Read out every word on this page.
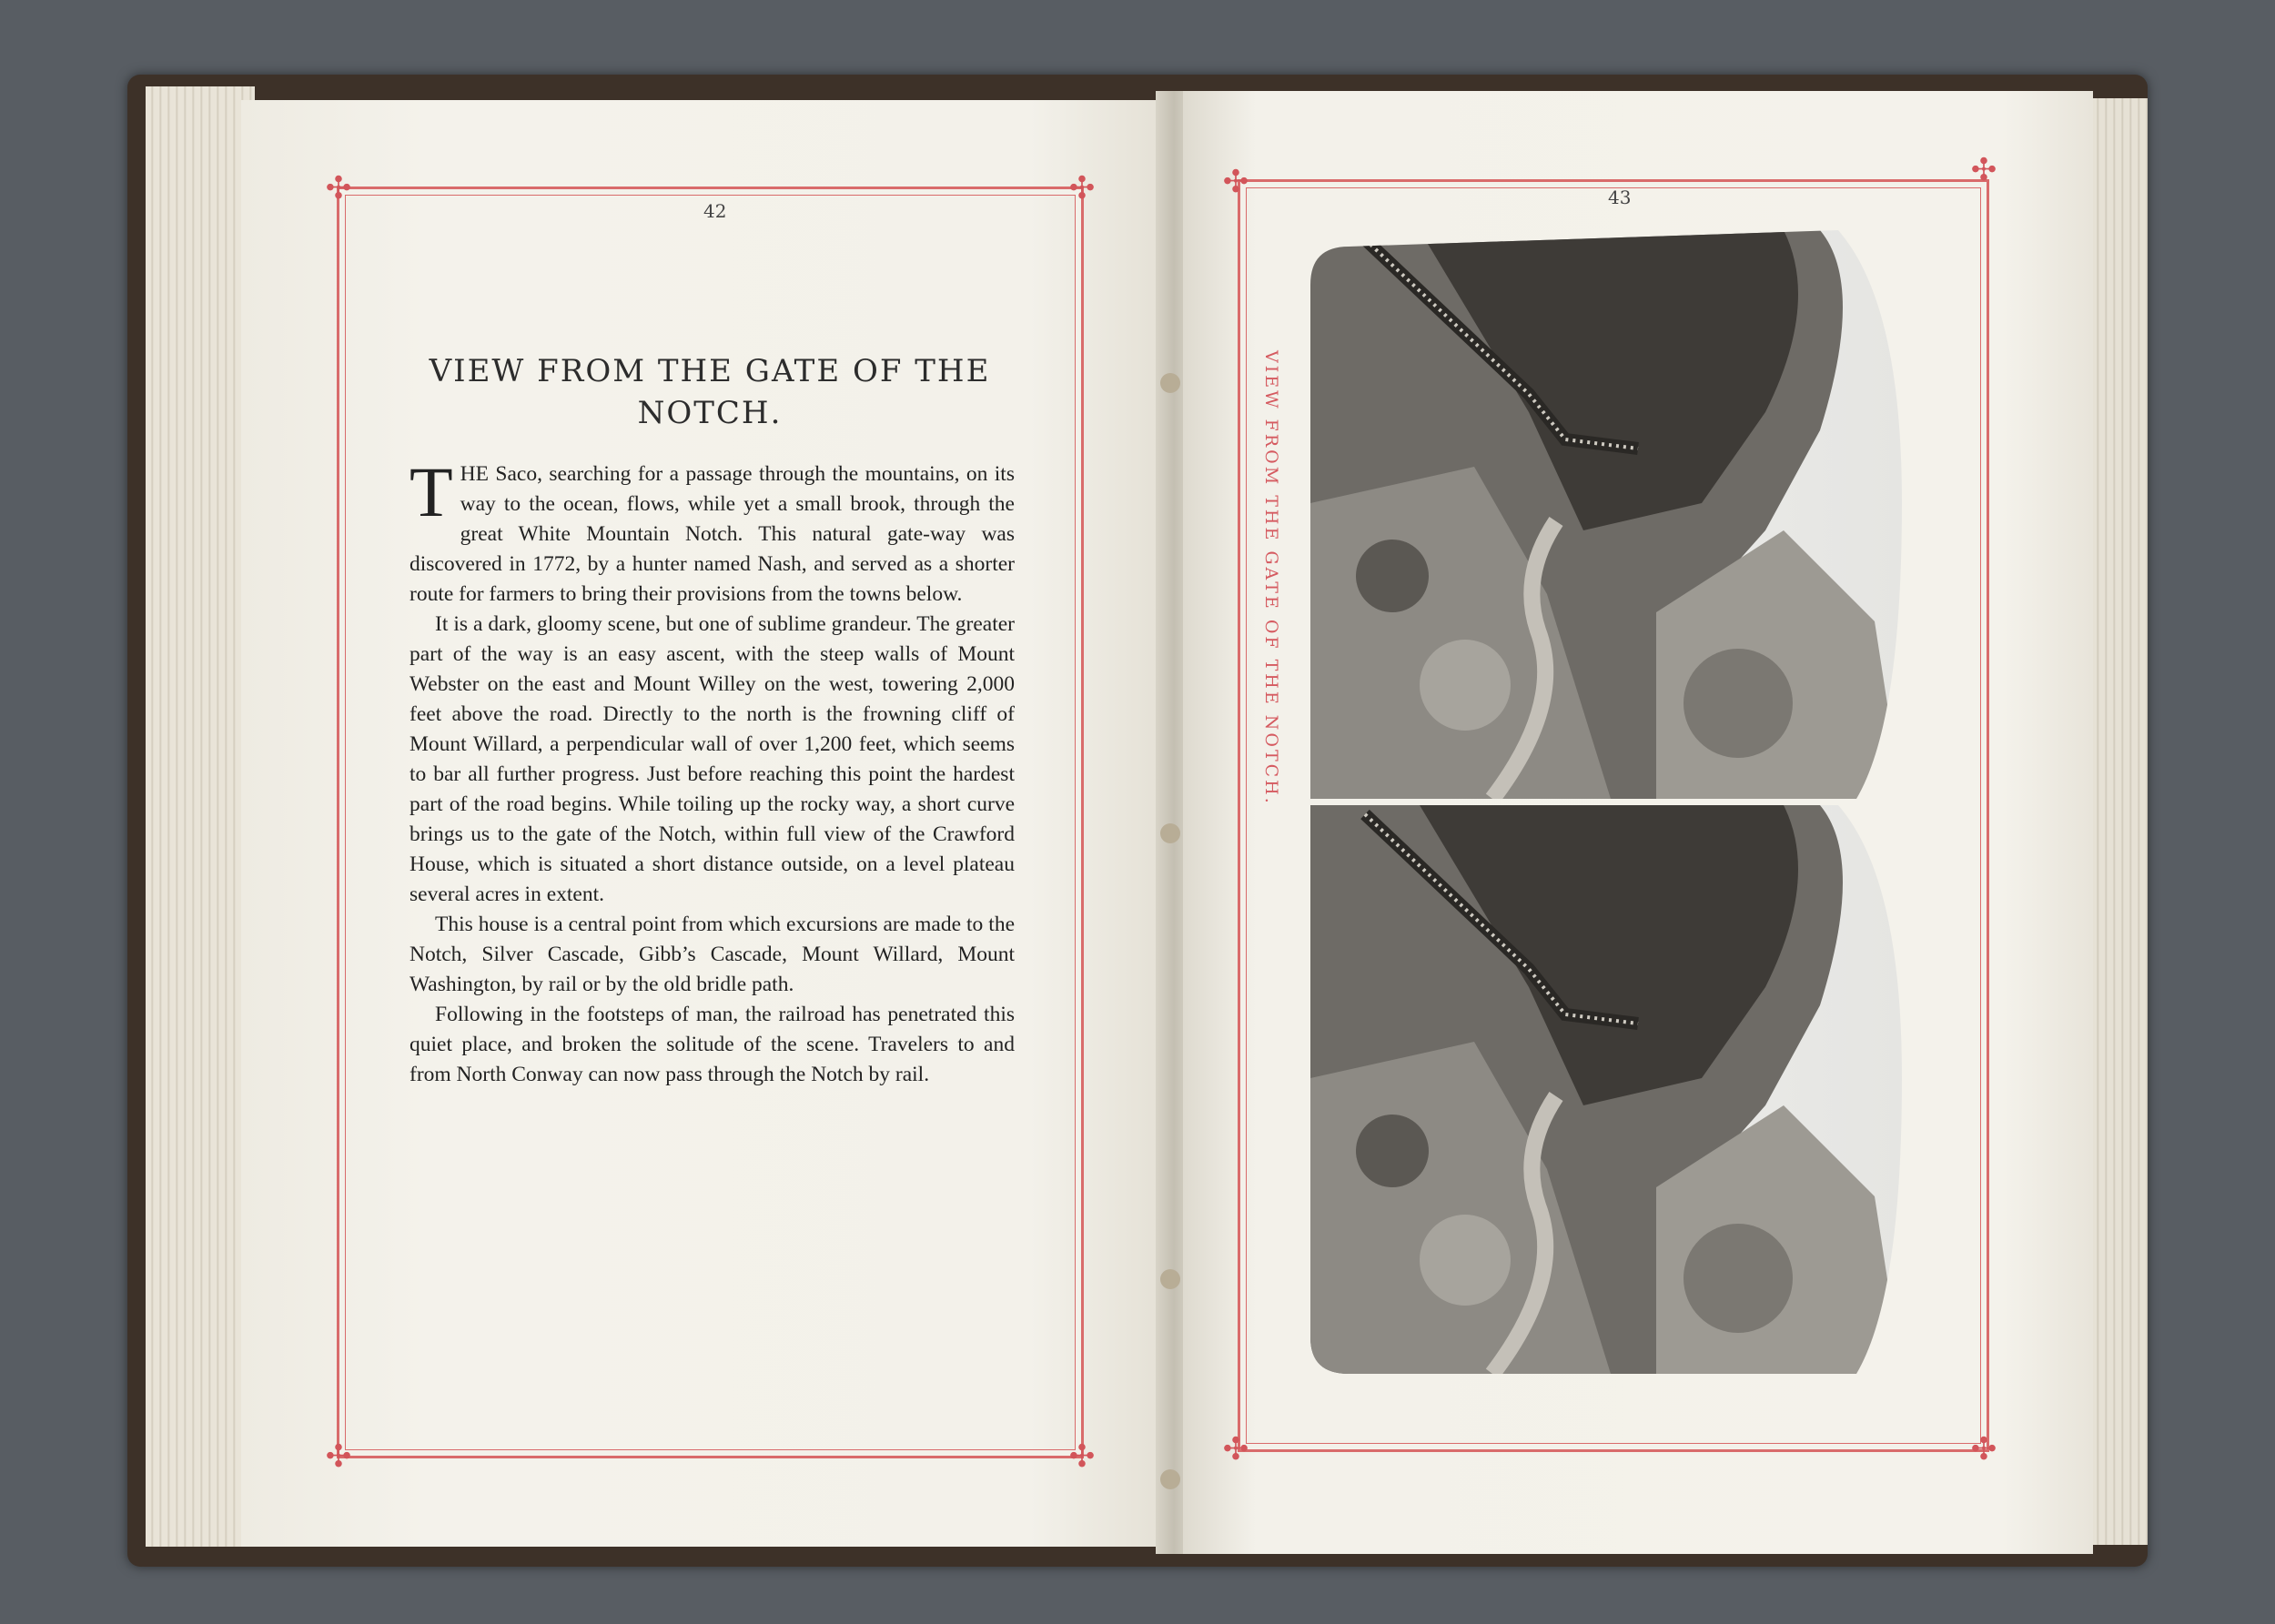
✣	✣
✣	✣
42
VIEW FROM THE GATE OF THE NOTCH.

THE Saco, searching for a passage through the mountains, on its way to the ocean, flows, while yet a small brook, through the great White Mountain Notch. This natural gate-way was discovered in 1772, by a hunter named Nash, and served as a shorter route for farmers to bring their provisions from the towns below.

It is a dark, gloomy scene, but one of sublime grandeur. The greater part of the way is an easy ascent, with the steep walls of Mount Webster on the east and Mount Willey on the west, towering 2,000 feet above the road. Directly to the north is the frowning cliff of Mount Willard, a perpendicular wall of over 1,200 feet, which seems to bar all further progress. Just before reaching this point the hardest part of the road begins. While toiling up the rocky way, a short curve brings us to the gate of the Notch, within full view of the Crawford House, which is situated a short distance outside, on a level plateau several acres in extent.

This house is a central point from which excursions are made to the Notch, Silver Cascade, Gibb’s Cascade, Mount Willard, Mount Washington, by rail or by the old bridle path.

Following in the footsteps of man, the railroad has penetrated this quiet place, and broken the solitude of the scene. Travelers to and from North Conway can now pass through the Notch by rail.

✣	✣
✣	✣
43
VIEW FROM THE GATE OF THE NOTCH.
